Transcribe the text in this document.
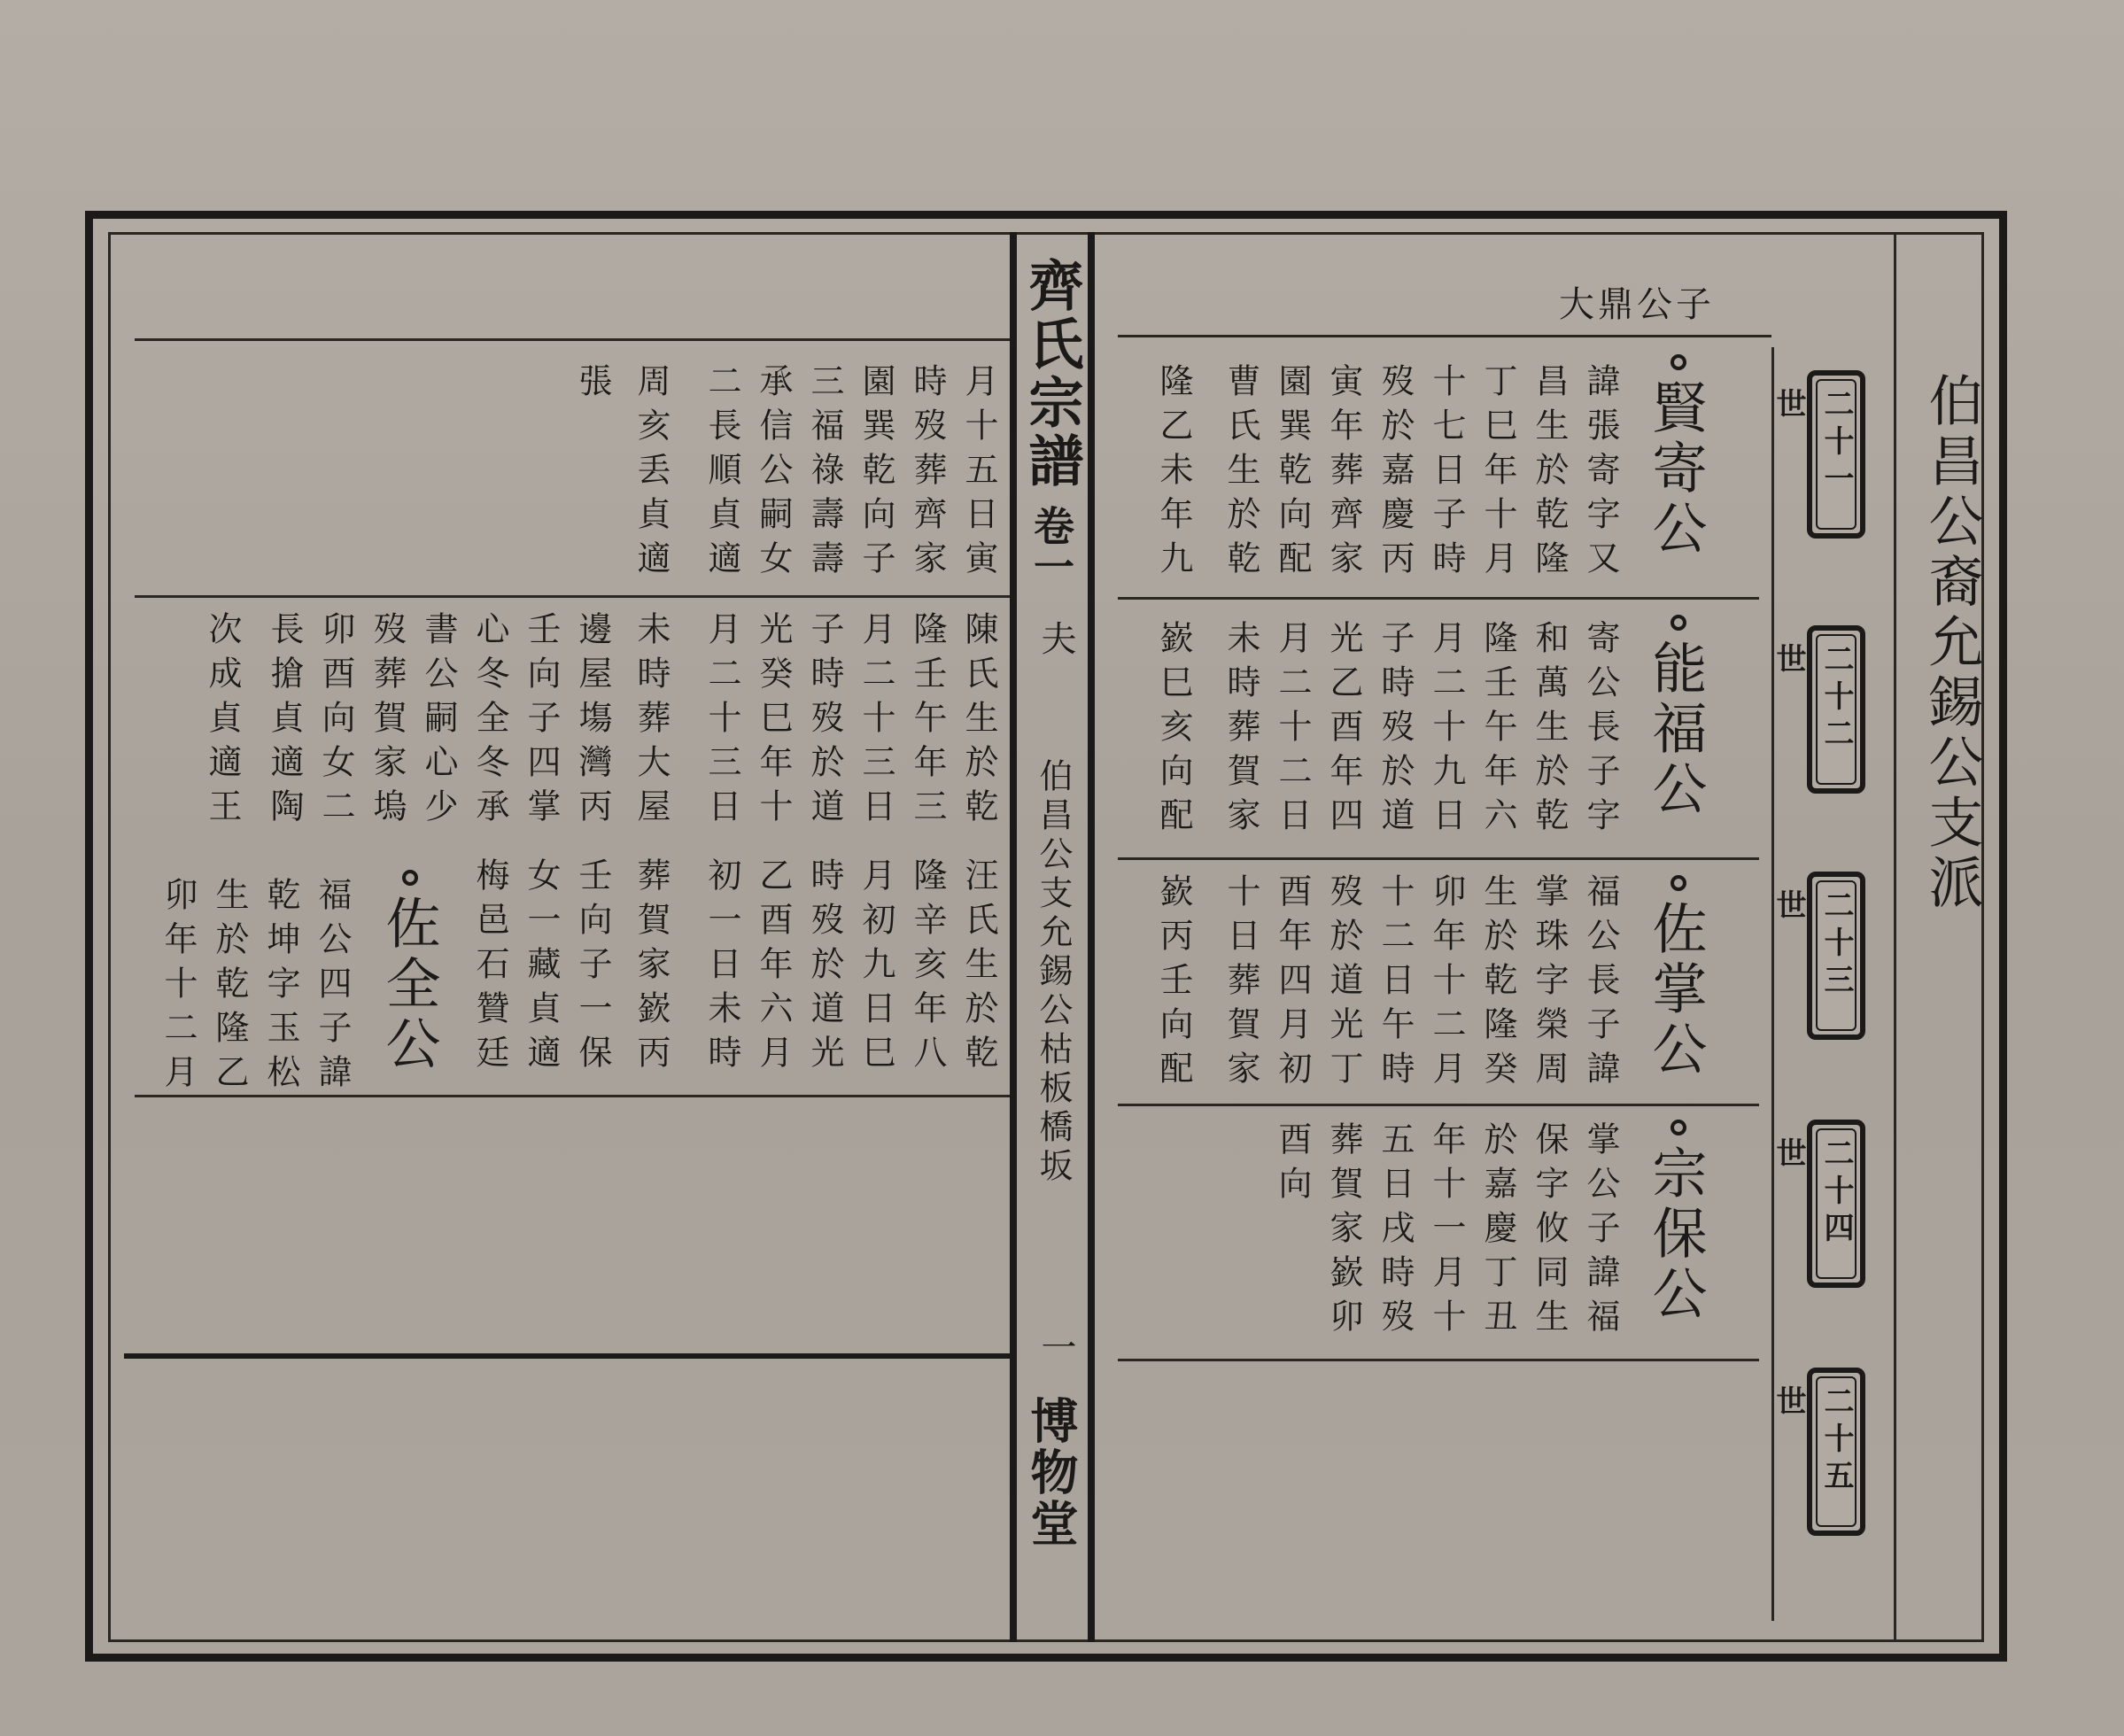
齊氏宗譜
卷一
夫
伯昌公支允錫公枯板橋坂
一
博物堂
伯昌公裔允錫公支派
二十一世
二十二世
二十三世
二十四世
二十五世
大鼎公子
賢寄公
能福公
佐掌公
宗保公
諱張寄字又
昌生於乾隆
丁巳年十月
十七日子時
歿於嘉慶丙
寅年葬齊家
園巽乾向配
曹氏生於乾
隆乙未年九
寄公長子字
和萬生於乾
隆壬午年六
月二十九日
子時歿於道
光乙酉年四
月二十二日
未時葬賀家
嶔巳亥向配
福公長子諱
掌珠字榮周
生於乾隆癸
卯年十二月
十二日午時
歿於道光丁
酉年四月初
十日葬賀家
嶔丙壬向配
掌公子諱福
保字攸同生
於嘉慶丁丑
年十一月十
五日戌時歿
葬賀家嶔卯
酉向
月十五日寅
時歿葬齊家
園巽乾向子
三福祿壽壽
承信公嗣女
二長順貞適
周亥丢貞適
張
陳氏生於乾
隆壬午年三
月二十三日
子時歿於道
光癸巳年十
月二十三日
未時葬大屋
邊屋塲灣丙
壬向子四掌
心冬全冬承
書公嗣心少
歿葬賀家塢
卯酉向女二
長搶貞適陶
次成貞適王
汪氏生於乾
隆辛亥年八
月初九日巳
時歿於道光
乙酉年六月
初一日未時
葬賀家嶔丙
壬向子一保
女一藏貞適
梅邑石贊廷
佐全公
福公四子諱
乾坤字玉松
生於乾隆乙
卯年十二月
